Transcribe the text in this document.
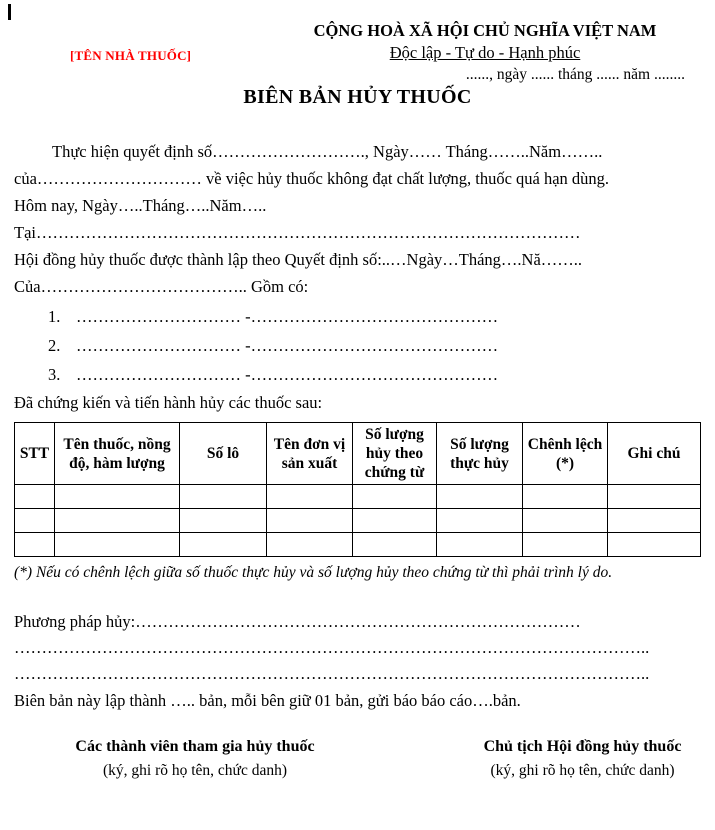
[TÊN NHÀ THUỐC]
CỘNG HOÀ XÃ HỘI CHỦ NGHĨA VIỆT NAM
Độc lập - Tự do - Hạnh phúc
......, ngày ...... tháng ...... năm ........
BIÊN BẢN HỦY THUỐC

Thực hiện quyết định số………………………., Ngày…… Tháng……..Năm……..

của………………………… về việc hủy thuốc không đạt chất lượng, thuốc quá hạn dùng.

Hôm nay, Ngày…..Tháng…..Năm…..

Tại………………………………………………………………………………………

Hội đồng hủy thuốc được thành lập theo Quyết định số:..…Ngày…Tháng….Nă……..

Của……………………………….. Gồm có:

1. ………………………… -………………………………………
2. ………………………… -………………………………………
3. ………………………… -………………………………………

Đã chứng kiến và tiến hành hủy các thuốc sau:

STT	Tên thuốc, nồng độ, hàm lượng	Số lô	Tên đơn vị sản xuất	Số lượng hủy theo chứng từ	Số lượng thực hủy	Chênh lệch (*)	Ghi chú

(*) Nếu có chênh lệch giữa số thuốc thực hủy và số lượng hủy theo chứng từ thì phải trình lý do.

Phương pháp hủy:………………………………………………………………………

……………………………………………………………………………………………………..

……………………………………………………………………………………………………..

Biên bản này lập thành ….. bản, mỗi bên giữ 01 bản, gửi báo báo cáo….bản.

Các thành viên tham gia hủy thuốc
(ký, ghi rõ họ tên, chức danh)
Chủ tịch Hội đồng hủy thuốc
(ký, ghi rõ họ tên, chức danh)
